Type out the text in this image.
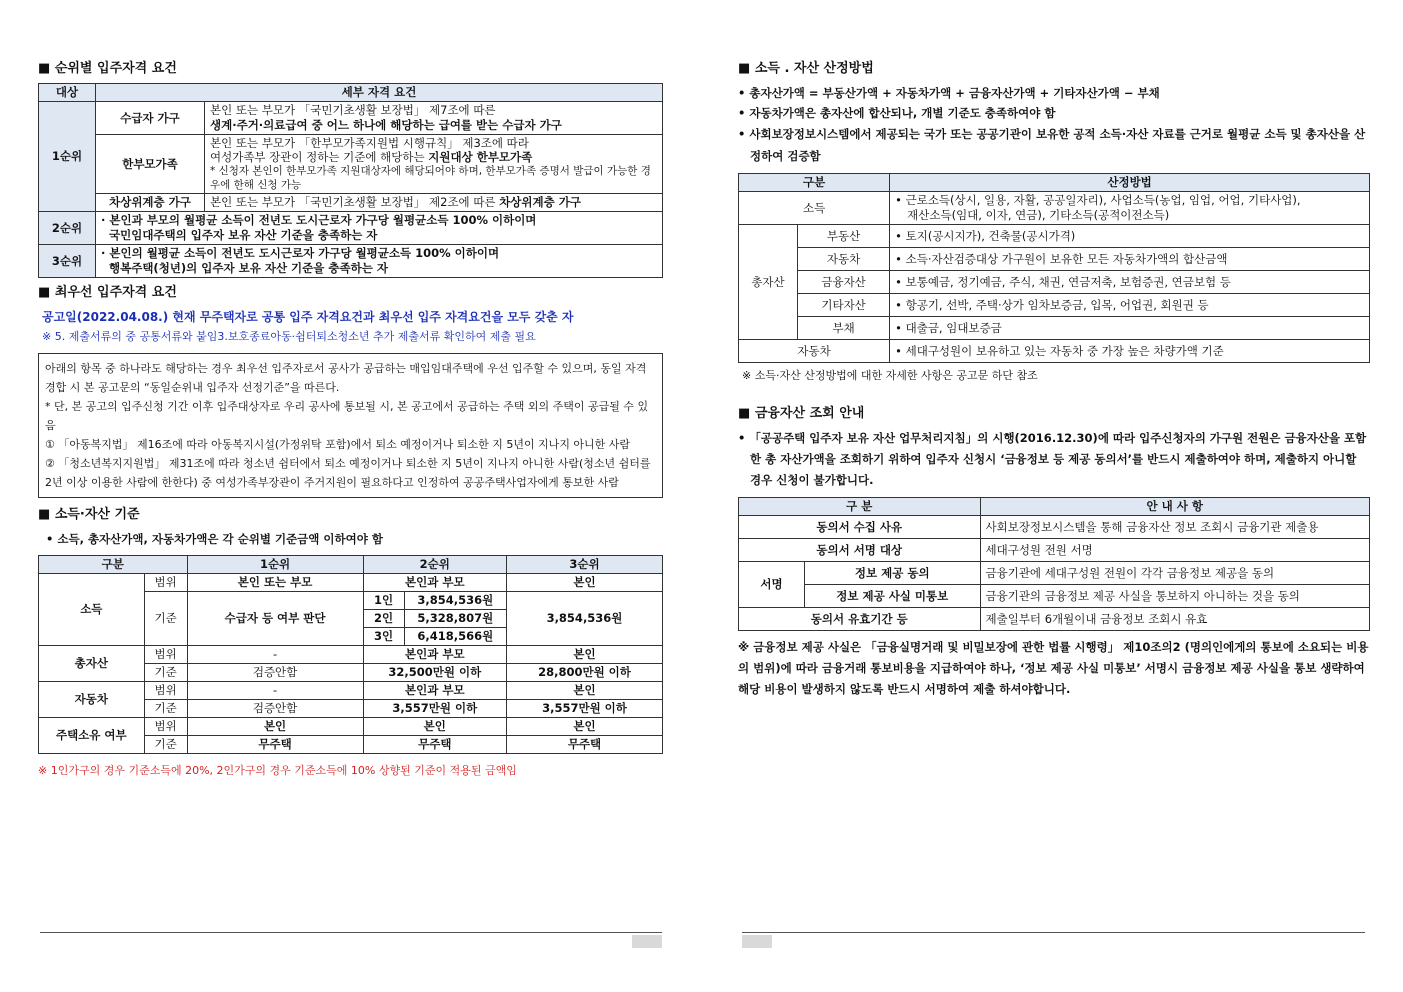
■ 순위별 입주자격 요건
대상	세부 자격 요건	
1순위	수급자 가구	본인 또는 부모가 「국민기초생활 보장법」 제7조에 따른
생계·주거·의료급여 중 어느 하나에 해당하는 급여를 받는 수급자 가구

	한부모가족	본인 또는 부모가 「한부모가족지원법 시행규칙」 제3조에 따라
여성가족부 장관이 정하는 기준에 해당하는 지원대상 한부모가족
* 신청자 본인이 한부모가족 지원대상자에 해당되어야 하며, 한부모가족 증명서 발급이 가능한 경우에 한해 신청 가능

	차상위계층 가구	본인 또는 부모가 「국민기초생활 보장법」 제2조에 따른 차상위계층 가구
2순위	· 본인과 부모의 월평균 소득이 전년도 도시근로자 가구당 월평균소득 100% 이하이며
국민임대주택의 입주자 보유 자산 기준을 충족하는 자	

3순위	· 본인의 월평균 소득이 전년도 도시근로자 가구당 월평균소득 100% 이하이며
행복주택(청년)의 입주자 보유 자산 기준을 충족하는 자	
■ 최우선 입주자격 요건
공고일(2022.04.08.) 현재 무주택자로 공통 입주 자격요건과 최우선 입주 자격요건을 모두 갖춘 자
※ 5. 제출서류의 중 공통서류와 붙임3.보호종료아동·쉼터퇴소청소년 추가 제출서류 확인하여 제출 필요
아래의 항목 중 하나라도 해당하는 경우 최우선 입주자로서 공사가 공급하는 매입임대주택에 우선 입주할 수 있으며, 동일 자격 경합 시 본 공고문의 “동일순위내 입주자 선정기준”을 따른다.
* 단, 본 공고의 입주신청 기간 이후 입주대상자로 우리 공사에 통보될 시, 본 공고에서 공급하는 주택 외의 주택이 공급될 수 있음
① 「아동복지법」 제16조에 따라 아동복지시설(가정위탁 포함)에서 퇴소 예정이거나 퇴소한 지 5년이 지나지 아니한 사람
② 「청소년복지지원법」 제31조에 따라 청소년 쉼터에서 퇴소 예정이거나 퇴소한 지 5년이 지나지 아니한 사람(청소년 쉼터를 2년 이상 이용한 사람에 한한다) 중 여성가족부장관이 주거지원이 필요하다고 인정하여 공공주택사업자에게 통보한 사람
■ 소득·자산 기준
• 소득, 총자산가액, 자동차가액은 각 순위별 기준금액 이하여야 함
구분		1순위	2순위		3순위
소득	범위	본인 또는 부모	본인과 부모		본인
	기준	수급자 등 여부 판단	1인	3,854,536원	3,854,536원
			2인	5,328,807원	
			3인	6,418,566원	
총자산	범위	-	본인과 부모		본인
	기준	검증안함	32,500만원 이하		28,800만원 이하
자동차	범위	-	본인과 부모		본인
	기준	검증안함	3,557만원 이하		3,557만원 이하
주택소유 여부	범위	본인	본인		본인
	기준	무주택	무주택		무주택
※ 1인가구의 경우 기준소득에 20%, 2인가구의 경우 기준소득에 10% 상향된 기준이 적용된 금액임
■ 소득 . 자산 산정방법
• 총자산가액 = 부동산가액 + 자동차가액 + 금융자산가액 + 기타자산가액 − 부채
• 자동차가액은 총자산에 합산되나, 개별 기준도 충족하여야 함
• 사회보장정보시스템에서 제공되는 국가 또는 공공기관이 보유한 공적 소득·자산 자료를 근거로 월평균 소득 및 총자산을 산정하여 검증함
구분		산정방법
소득		• 근로소득(상시, 일용, 자활, 공공일자리), 사업소득(농업, 임업, 어업, 기타사업),
재산소득(임대, 이자, 연금), 기타소득(공적이전소득)

총자산	부동산	• 토지(공시지가), 건축물(공시가격)
	자동차	• 소득·자산검증대상 가구원이 보유한 모든 자동차가액의 합산금액
	금융자산	• 보통예금, 정기예금, 주식, 채권, 연금저축, 보험증권, 연금보험 등
	기타자산	• 항공기, 선박, 주택·상가 임차보증금, 입목, 어업권, 회원권 등
	부채	• 대출금, 임대보증금
자동차		• 세대구성원이 보유하고 있는 자동차 중 가장 높은 차량가액 기준
※ 소득·자산 산정방법에 대한 자세한 사항은 공고문 하단 참조
■ 금융자산 조회 안내
• 「공공주택 입주자 보유 자산 업무처리지침」의 시행(2016.12.30)에 따라 입주신청자의 가구원 전원은 금융자산을 포함한 총 자산가액을 조회하기 위하여 입주자 신청시 ‘금융정보 등 제공 동의서’를 반드시 제출하여야 하며, 제출하지 아니할 경우 신청이 불가합니다.
구 분		안 내 사 항
동의서 수집 사유		사회보장정보시스템을 통해 금융자산 정보 조회시 금융기관 제출용
동의서 서명 대상		세대구성원 전원 서명
서명	정보 제공 동의	금융기관에 세대구성원 전원이 각각 금융정보 제공을 동의
	정보 제공 사실 미통보	금융기관의 금융정보 제공 사실을 통보하지 아니하는 것을 동의
동의서 유효기간 등		제출일부터 6개월이내 금융정보 조회시 유효
※ 금융정보 제공 사실은 「금융실명거래 및 비밀보장에 관한 법률 시행령」 제10조의2 (명의인에게의 통보에 소요되는 비용의 범위)에 따라 금융거래 통보비용을 지급하여야 하나, ‘정보 제공 사실 미통보’ 서명시 금융정보 제공 사실을 통보 생략하여 해당 비용이 발생하지 않도록 반드시 서명하여 제출 하셔야합니다.
